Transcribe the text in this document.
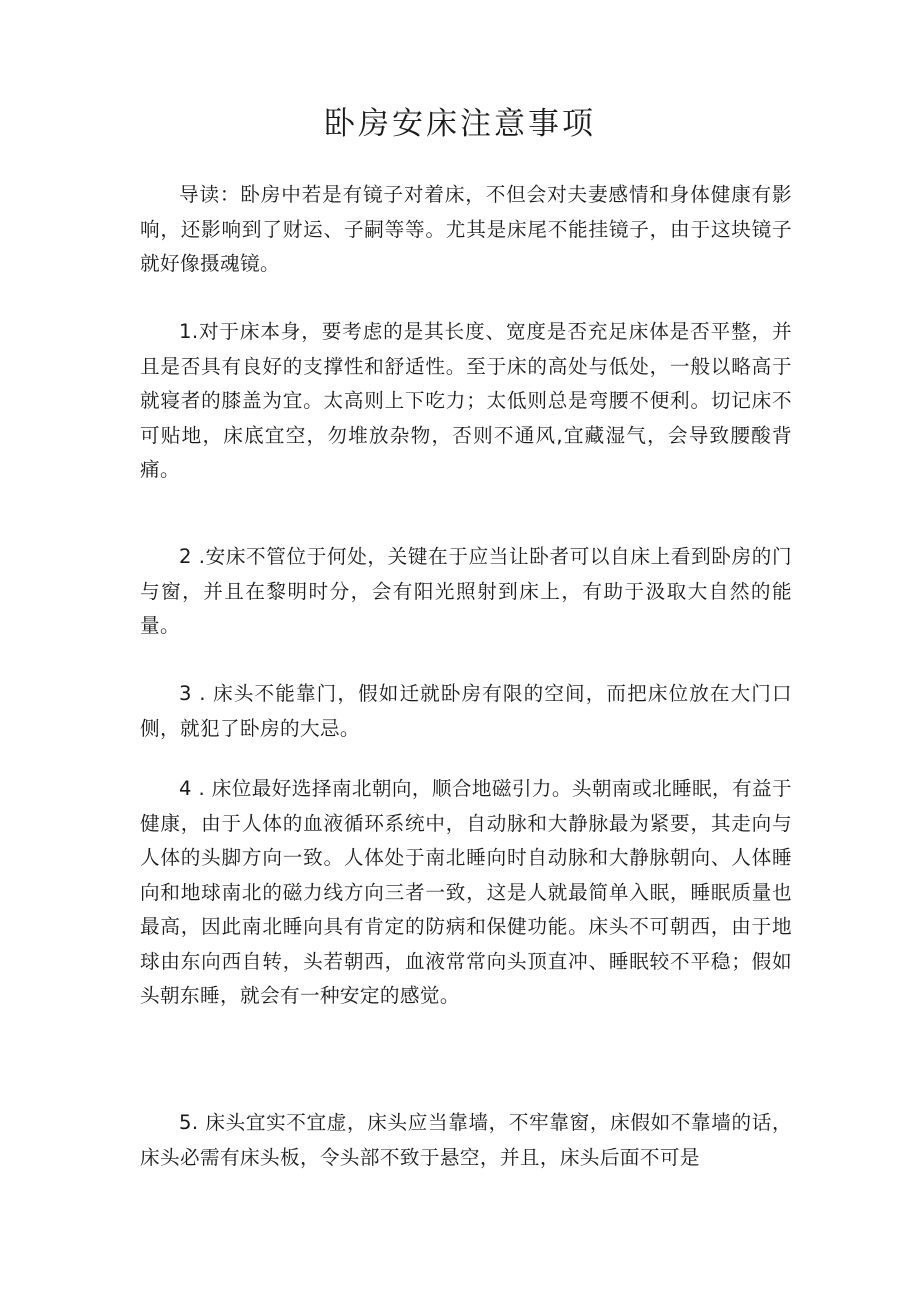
卧房安床注意事项

导读：卧房中若是有镜子对着床，不但会对夫妻感情和身体健康有影响，还影响到了财运、子嗣等等。尤其是床尾不能挂镜子，由于这块镜子就好像摄魂镜。

1.对于床本身，要考虑的是其长度、宽度是否充足床体是否平整，并且是否具有良好的支撑性和舒适性。至于床的高处与低处，一般以略高于就寝者的膝盖为宜。太高则上下吃力；太低则总是弯腰不便利。切记床不可贴地，床底宜空，勿堆放杂物，否则不通风,宜藏湿气，会导致腰酸背痛。

2 .安床不管位于何处，关键在于应当让卧者可以自床上看到卧房的门与窗，并且在黎明时分，会有阳光照射到床上，有助于汲取大自然的能量。

3 . 床头不能靠门，假如迁就卧房有限的空间，而把床位放在大门口侧，就犯了卧房的大忌。

4 . 床位最好选择南北朝向，顺合地磁引力。头朝南或北睡眠，有益于健康，由于人体的血液循环系统中，自动脉和大静脉最为紧要，其走向与人体的头脚方向一致。人体处于南北睡向时自动脉和大静脉朝向、人体睡向和地球南北的磁力线方向三者一致，这是人就最简单入眠，睡眠质量也最高，因此南北睡向具有肯定的防病和保健功能。床头不可朝西，由于地球由东向西自转，头若朝西，血液常常向头顶直冲、睡眠较不平稳；假如头朝东睡，就会有一种安定的感觉。

5. 床头宜实不宜虚，床头应当靠墙，不牢靠窗，床假如不靠墙的话，床头必需有床头板，令头部不致于悬空，并且，床头后面不可是
